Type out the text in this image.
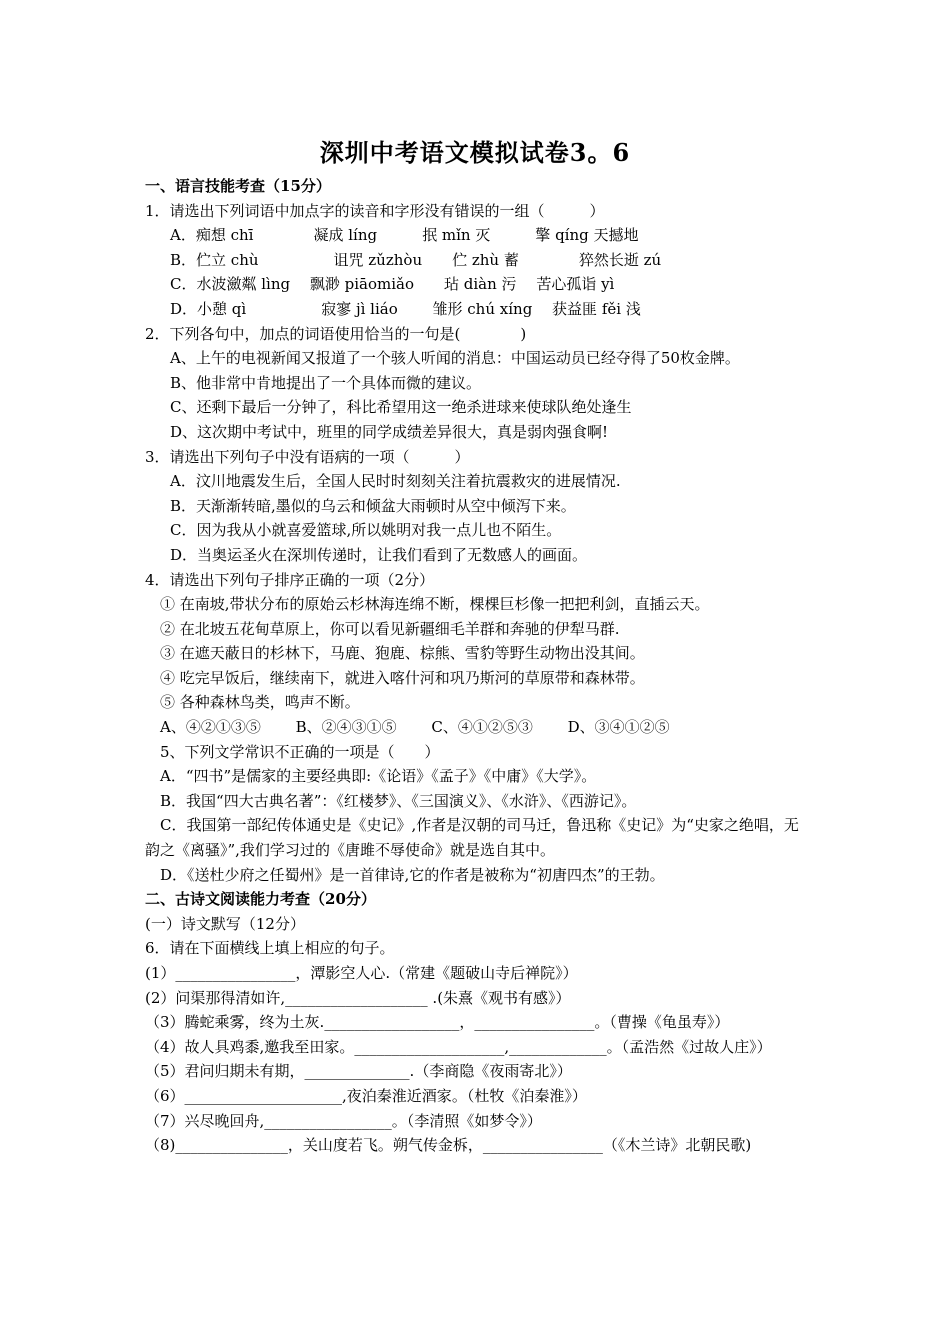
深圳中考语文模拟试卷3。6
一、语言技能考查（15分）
1．请选出下列词语中加点字的读音和字形没有错误的一组（　　　）
A．痴想 chī　　　　凝成 líng　　　抿 mǐn 灭　　　擎 qíng 天撼地
B．伫立 chù　　　　　诅咒 zǔzhòu　　伫 zhù 蓄　　　　猝然长逝 zú
C．水波瀲粼 lìng　 飘渺 piāomiǎo　　玷 diàn 污　 苦心孤诣 yì
D．小憩 qì　　　　　寂寥 jì liáo　　 雏形 chú xíng　 获益匪 fěi 浅
2．下列各句中，加点的词语使用恰当的一句是(　　　　)
A、上午的电视新闻又报道了一个骇人听闻的消息：中国运动员已经夺得了50枚金牌。
B、他非常中肯地提出了一个具体而微的建议。
C、还剩下最后一分钟了，科比希望用这一绝杀进球来使球队绝处逢生
D、这次期中考试中，班里的同学成绩差异很大，真是弱肉强食啊!
3．请选出下列句子中没有语病的一项（　　　）
A．汶川地震发生后，全国人民时时刻刻关注着抗震救灾的进展情况.
B．天渐渐转暗,墨似的乌云和倾盆大雨顿时从空中倾泻下来。
C．因为我从小就喜爱篮球,所以姚明对我一点儿也不陌生。
D．当奥运圣火在深圳传递时，让我们看到了无数感人的画面。
4．请选出下列句子排序正确的一项（2分）
① 在南坡,带状分布的原始云杉林海连绵不断，棵棵巨杉像一把把利剑，直插云天。
② 在北坡五花甸草原上，你可以看见新疆细毛羊群和奔驰的伊犁马群.
③ 在遮天蔽日的杉林下，马鹿、狍鹿、棕熊、雪豹等野生动物出没其间。
④ 吃完早饭后，继续南下，就进入喀什河和巩乃斯河的草原带和森林带。
⑤ 各种森林鸟类，鸣声不断。
A、④②①③⑤　　 B、②④③①⑤　　 C、④①②⑤③　　 D、③④①②⑤
5、下列文学常识不正确的一项是（　　）
A．“四书”是儒家的主要经典即:《论语》《孟子》《中庸》《大学》。
B．我国“四大古典名著”：《红楼梦》、《三国演义》、《水浒》、《西游记》。
C．我国第一部纪传体通史是《史记》,作者是汉朝的司马迁，鲁迅称《史记》为“史家之绝唱，无韵之《离骚》”,我们学习过的《唐雎不辱使命》就是选自其中。
D．《送杜少府之任蜀州》是一首律诗,它的作者是被称为“初唐四杰”的王勃。
二、古诗文阅读能力考查（20分）
(一）诗文默写（12分）
6．请在下面横线上填上相应的句子。
(1）________________，潭影空人心.（常建《题破山寺后禅院》）
(2）问渠那得清如许,___________________ .(朱熹《观书有感》）
（3）腾蛇乘雾，终为土灰.__________________，________________。（曹操《龟虽寿》）
（4）故人具鸡黍,邀我至田家。____________________,_____________。（孟浩然《过故人庄》）
（5）君问归期未有期，______________.（李商隐《夜雨寄北》）
（6）_____________________,夜泊秦淮近酒家。（杜牧《泊秦淮》）
（7）兴尽晚回舟,_________________。（李清照《如梦令》）
（8)_______________，关山度若飞。朔气传金柝，________________（《木兰诗》北朝民歌)
